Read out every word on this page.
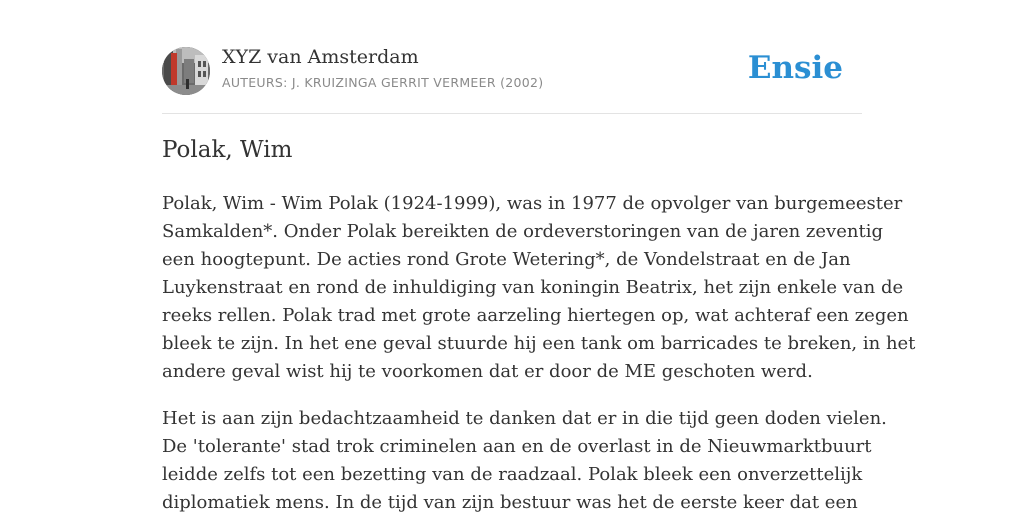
XYZ van Amsterdam
AUTEURS: J. KRUIZINGA GERRIT VERMEER (2002)	Ensie
Polak, Wim

Polak, Wim - Wim Polak (1924-1999), was in 1977 de opvolger van burgemeester
Samkalden*. Onder Polak bereikten de ordeverstoringen van de jaren zeventig
een hoogtepunt. De acties rond Grote Wetering*, de Vondelstraat en de Jan
Luykenstraat en rond de inhuldiging van koningin Beatrix, het zijn enkele van de
reeks rellen. Polak trad met grote aarzeling hiertegen op, wat achteraf een zegen
bleek te zijn. In het ene geval stuurde hij een tank om barricades te breken, in het
andere geval wist hij te voorkomen dat er door de ME geschoten werd.

Het is aan zijn bedachtzaamheid te danken dat er in die tijd geen doden vielen.
De 'tolerante' stad trok criminelen aan en de overlast in de Nieuwmarktbuurt
leidde zelfs tot een bezetting van de raadzaal. Polak bleek een onverzettelijk
diplomatiek mens. In de tijd van zijn bestuur was het de eerste keer dat een
